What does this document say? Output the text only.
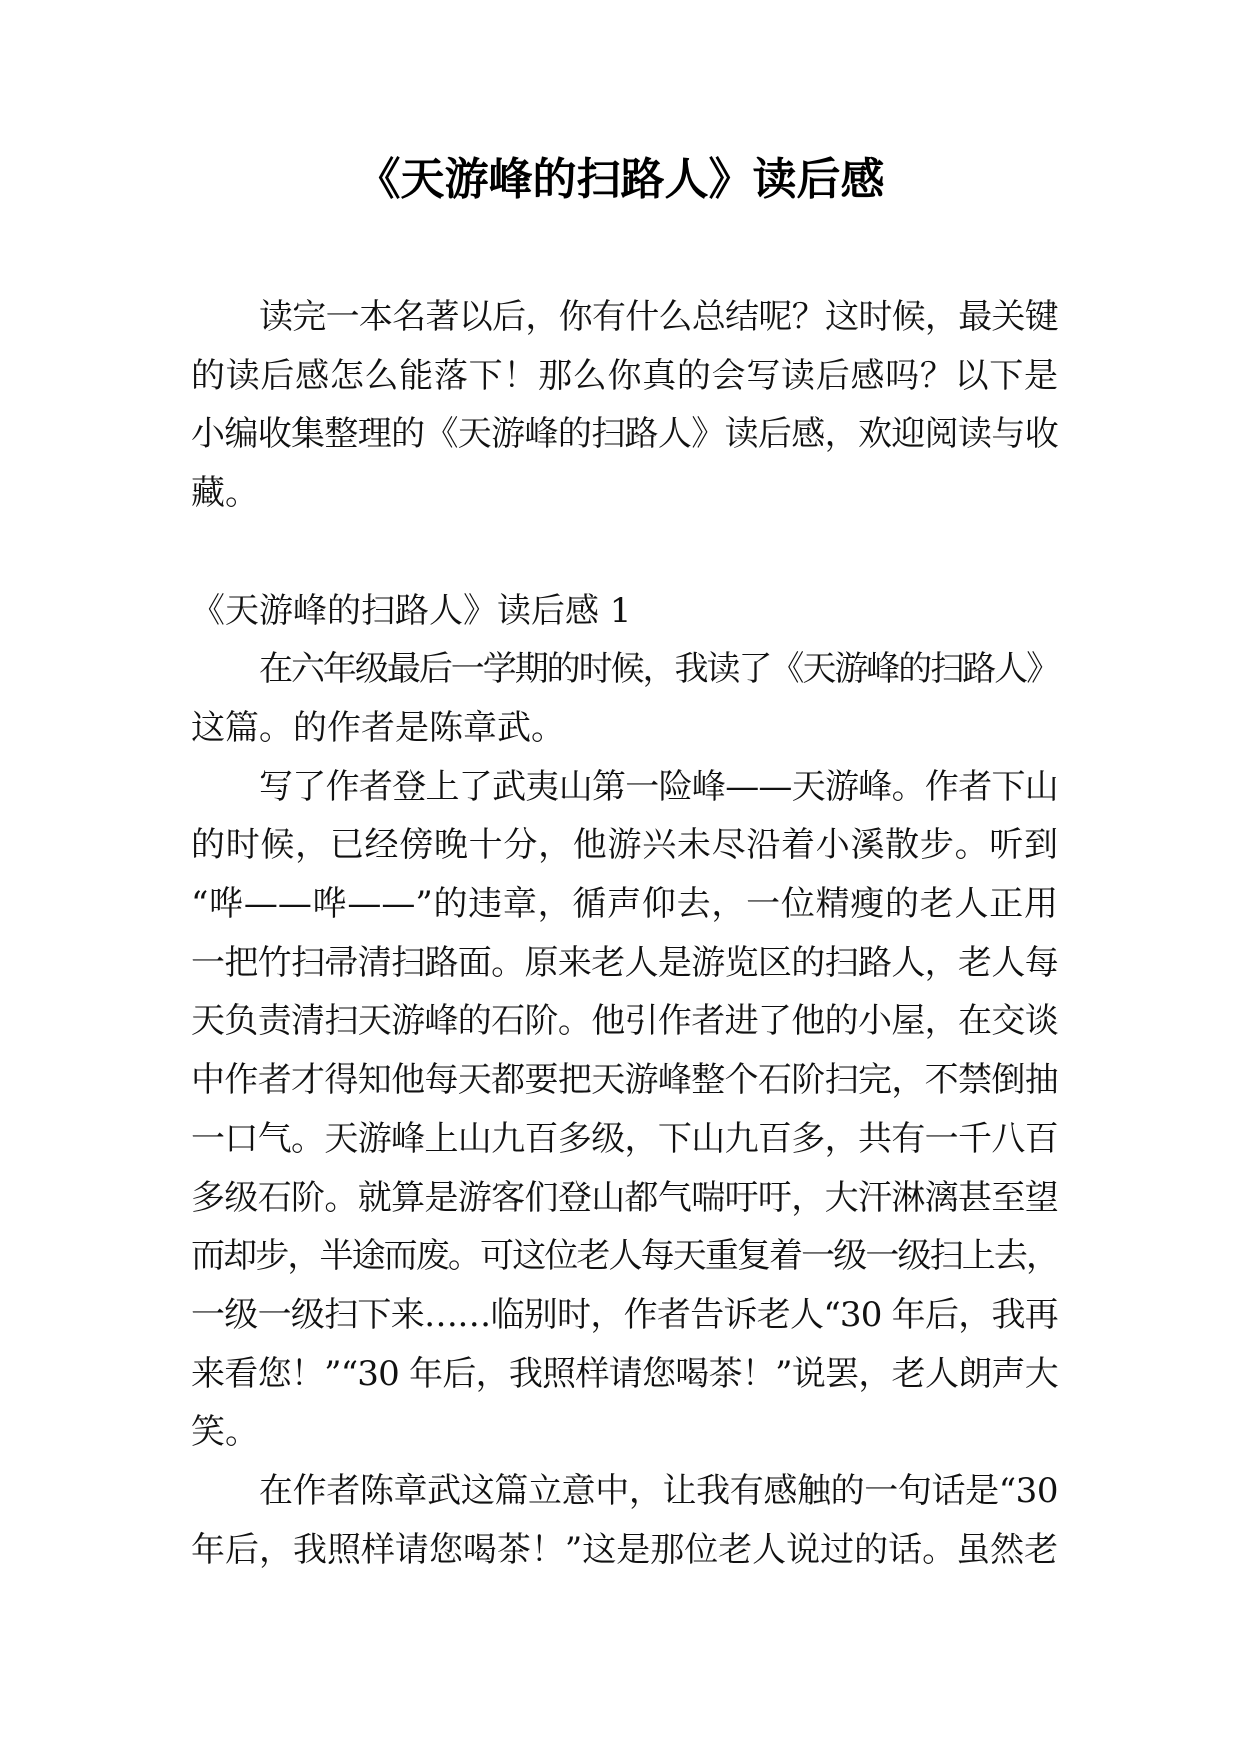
《天游峰的扫路人》读后感
读完一本名著以后，你有什么总结呢？这时候，最关键
的读后感怎么能落下！那么你真的会写读后感吗？以下是
小编收集整理的《天游峰的扫路人》读后感，欢迎阅读与收
藏。
《天游峰的扫路人》读后感 1
在六年级最后一学期的时候，我读了《天游峰的扫路人》
这篇。的作者是陈章武。
写了作者登上了武夷山第一险峰——天游峰。作者下山
的时候，已经傍晚十分，他游兴未尽沿着小溪散步。听到
“哗——哗——”的违章，循声仰去，一位精瘦的老人正用
一把竹扫帚清扫路面。原来老人是游览区的扫路人，老人每
天负责清扫天游峰的石阶。他引作者进了他的小屋，在交谈
中作者才得知他每天都要把天游峰整个石阶扫完，不禁倒抽
一口气。天游峰上山九百多级，下山九百多，共有一千八百
多级石阶。就算是游客们登山都气喘吁吁，大汗淋漓甚至望
而却步，半途而废。可这位老人每天重复着一级一级扫上去，
一级一级扫下来……临别时，作者告诉老人“30 年后，我再
来看您！”“30 年后，我照样请您喝茶！”说罢，老人朗声大
笑。
在作者陈章武这篇立意中，让我有感触的一句话是“30
年后，我照样请您喝茶！”这是那位老人说过的话。虽然老
